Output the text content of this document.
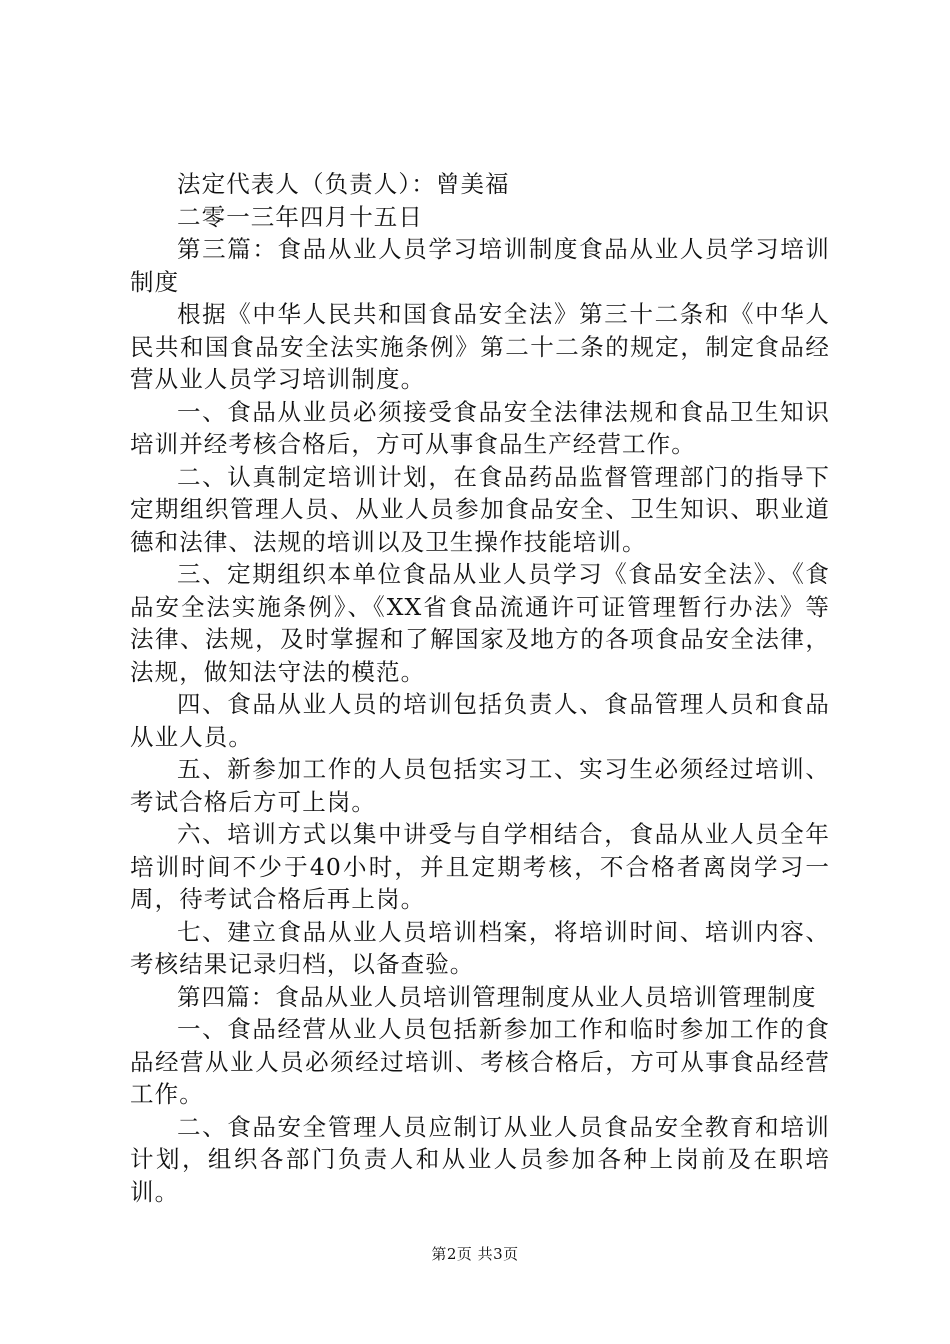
法定代表人（负责人）：曾美福

二零一三年四月十五日

第三篇：食品从业人员学习培训制度食品从业人员学习培训制度

根据《中华人民共和国食品安全法》第三十二条和《中华人民共和国食品安全法实施条例》第二十二条的规定，制定食品经营从业人员学习培训制度。

一、食品从业员必须接受食品安全法律法规和食品卫生知识培训并经考核合格后，方可从事食品生产经营工作。

二、认真制定培训计划，在食品药品监督管理部门的指导下定期组织管理人员、从业人员参加食品安全、卫生知识、职业道德和法律、法规的培训以及卫生操作技能培训。

三、定期组织本单位食品从业人员学习《食品安全法》、《食品安全法实施条例》、《XX省食品流通许可证管理暂行办法》等法律、法规，及时掌握和了解国家及地方的各项食品安全法律，法规，做知法守法的模范。

四、食品从业人员的培训包括负责人、食品管理人员和食品从业人员。

五、新参加工作的人员包括实习工、实习生必须经过培训、考试合格后方可上岗。

六、培训方式以集中讲受与自学相结合，食品从业人员全年培训时间不少于40小时，并且定期考核，不合格者离岗学习一周，待考试合格后再上岗。

七、建立食品从业人员培训档案，将培训时间、培训内容、考核结果记录归档，以备查验。

第四篇：食品从业人员培训管理制度从业人员培训管理制度

一、食品经营从业人员包括新参加工作和临时参加工作的食品经营从业人员必须经过培训、考核合格后，方可从事食品经营工作。

二、食品安全管理人员应制订从业人员食品安全教育和培训计划，组织各部门负责人和从业人员参加各种上岗前及在职培训。

第2页 共3页
